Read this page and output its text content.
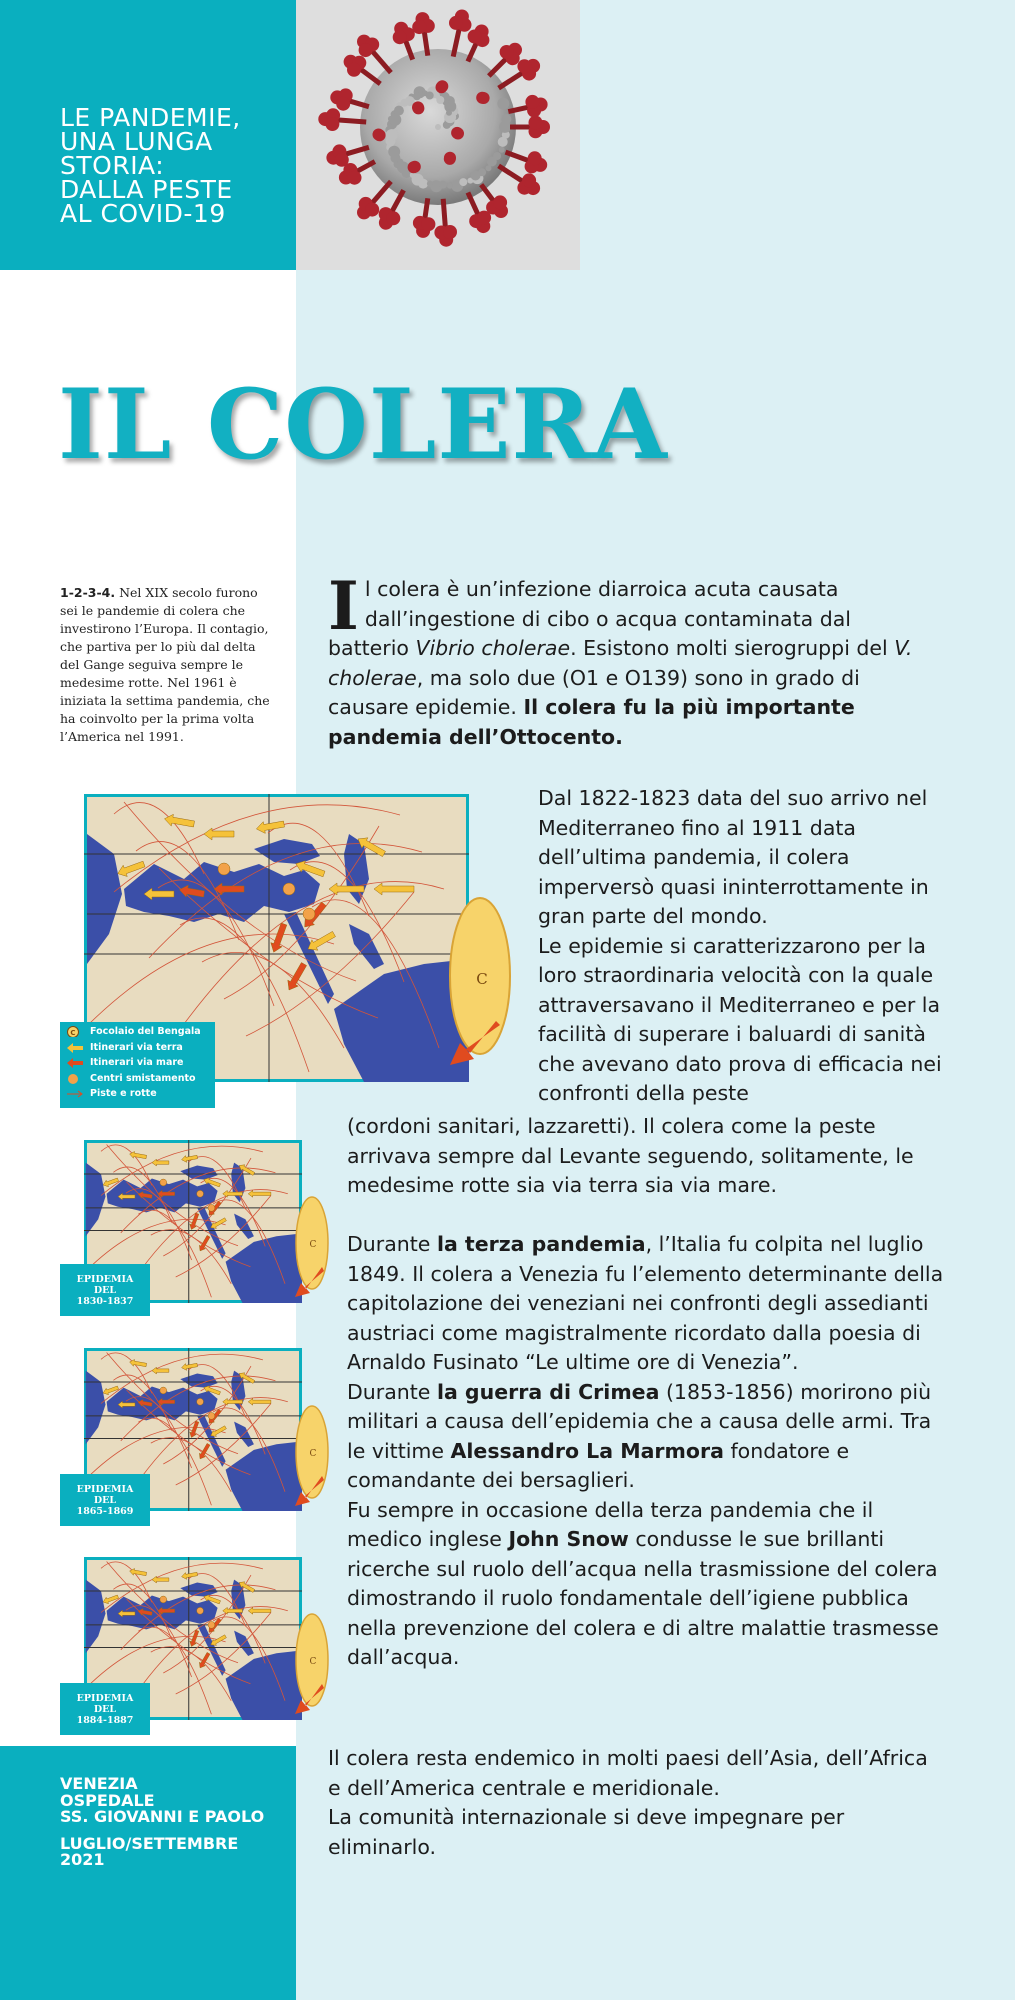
LE PANDEMIE,
UNA LUNGA
STORIA:
DALLA PESTE
AL COVID-19
IL COLERA
1-2-3-4. Nel XIX secolo furono sei le pandemie di colera che investirono l’Europa. Il contagio, che partiva per lo più dal delta del Gange seguiva sempre le medesime rotte. Nel 1961 è iniziata la settima pandemia, che ha coinvolto per la prima volta l’America nel 1991.
Il colera è un’infezione diarroica acuta causata dall’ingestione di cibo o acqua contaminata dal batterio Vibrio cholerae. Esistono molti sierogruppi del V. cholerae, ma solo due (O1 e O139) sono in grado di causare epidemie. Il colera fu la più importante pandemia dell’Ottocento.
Dal 1822-1823 data del suo arrivo nel Mediterraneo fino al 1911 data dell’ultima pandemia, il colera imperversò quasi ininterrottamente in gran parte del mondo.
Le epidemie si caratterizzarono per la loro straordinaria velocità con la quale attraversavano il Mediterraneo e per la facilità di superare i baluardi di sanità che avevano dato prova di efficacia nei confronti della peste
(cordoni sanitari, lazzaretti). Il colera come la peste arrivava sempre dal Levante seguendo, solitamente, le medesime rotte sia via terra sia via mare.
Durante la terza pandemia, l’Italia fu colpita nel luglio 1849. Il colera a Venezia fu l’elemento determinante della capitolazione dei veneziani nei confronti degli assedianti austriaci come magistralmente ricordato dalla poesia di Arnaldo Fusinato “Le ultime ore di Venezia”.
Durante la guerra di Crimea (1853-1856) morirono più militari a causa dell’epidemia che a causa delle armi. Tra le vittime Alessandro La Marmora fondatore e comandante dei bersaglieri.
Fu sempre in occasione della terza pandemia che il medico inglese John Snow condusse le sue brillanti ricerche sul ruolo dell’acqua nella trasmissione del colera dimostrando il ruolo fondamentale dell’igiene pubblica nella prevenzione del colera e di altre malattie trasmesse dall’acqua.
Il colera resta endemico in molti paesi dell’Asia, dell’Africa e dell’America centrale e meridionale.
La comunità internazionale si deve impegnare per eliminarlo.
VENEZIA
OSPEDALE
SS. GIOVANNI E PAOLO
LUGLIO/SETTEMBRE
2021
C
C Focolaio del Bengala
Itinerari via terra
Itinerari via mare
Centri smistamento
Piste e rotte
C
C
C
EPIDEMIA
DEL
1830-1837
EPIDEMIA
DEL
1865-1869
EPIDEMIA
DEL
1884-1887
